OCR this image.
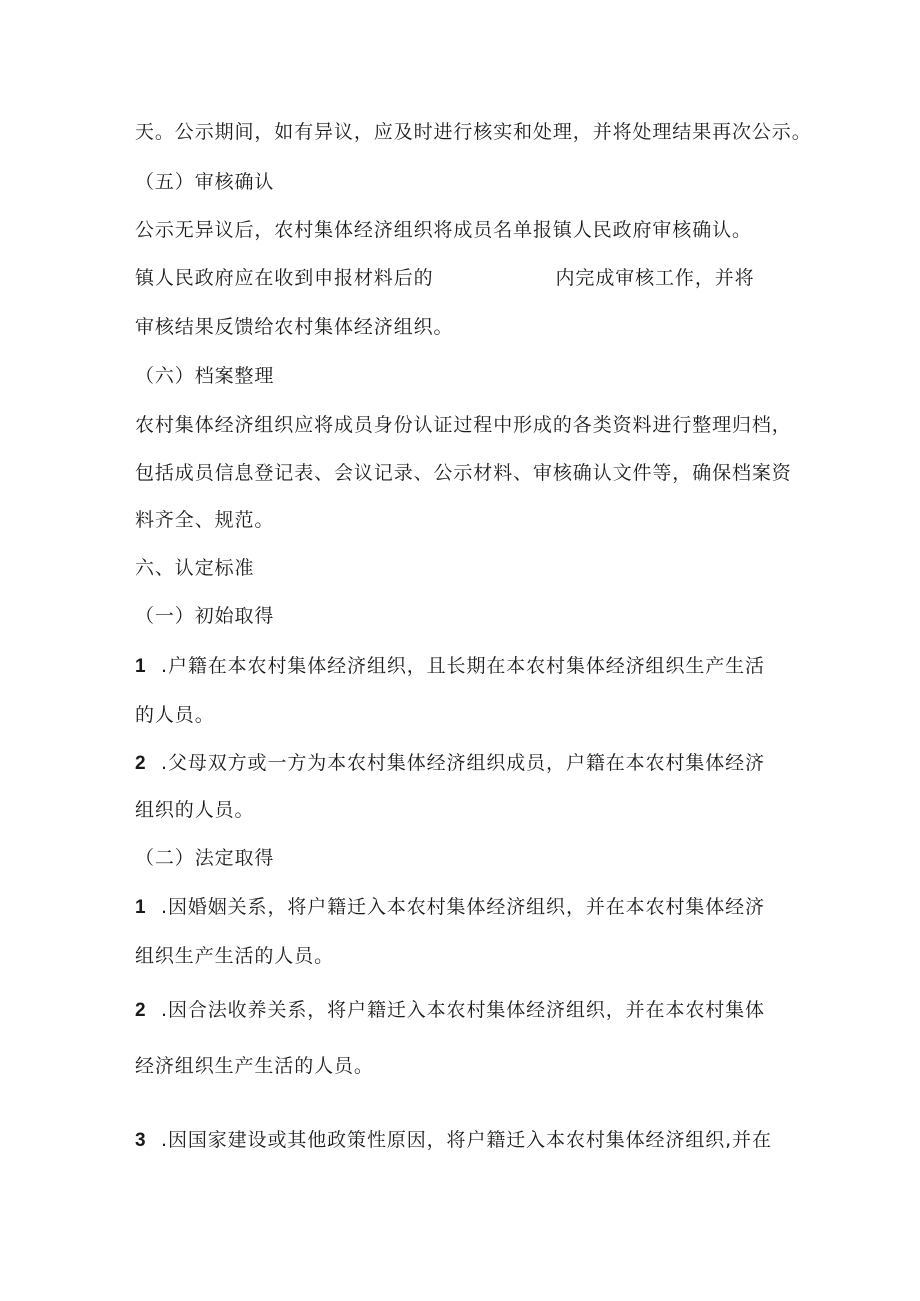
天。公示期间，如有异议，应及时进行核实和处理，并将处理结果再次公示。
（五）审核确认
公示无异议后，农村集体经济组织将成员名单报镇人民政府审核确认。
镇人民政府应在收到申报材料后的	内完成审核工作，并将
审核结果反馈给农村集体经济组织。
（六）档案整理
农村集体经济组织应将成员身份认证过程中形成的各类资料进行整理归档，
包括成员信息登记表、会议记录、公示材料、审核确认文件等，确保档案资
料齐全、规范。
六、认定标准
（一）初始取得
1 .户籍在本农村集体经济组织，且长期在本农村集体经济组织生产生活
的人员。
2 .父母双方或一方为本农村集体经济组织成员，户籍在本农村集体经济
组织的人员。
（二）法定取得
1 .因婚姻关系，将户籍迁入本农村集体经济组织，并在本农村集体经济
组织生产生活的人员。
2 .因合法收养关系，将户籍迁入本农村集体经济组织，并在本农村集体
经济组织生产生活的人员。
3 .因国家建设或其他政策性原因，将户籍迁入本农村集体经济组织,并在
